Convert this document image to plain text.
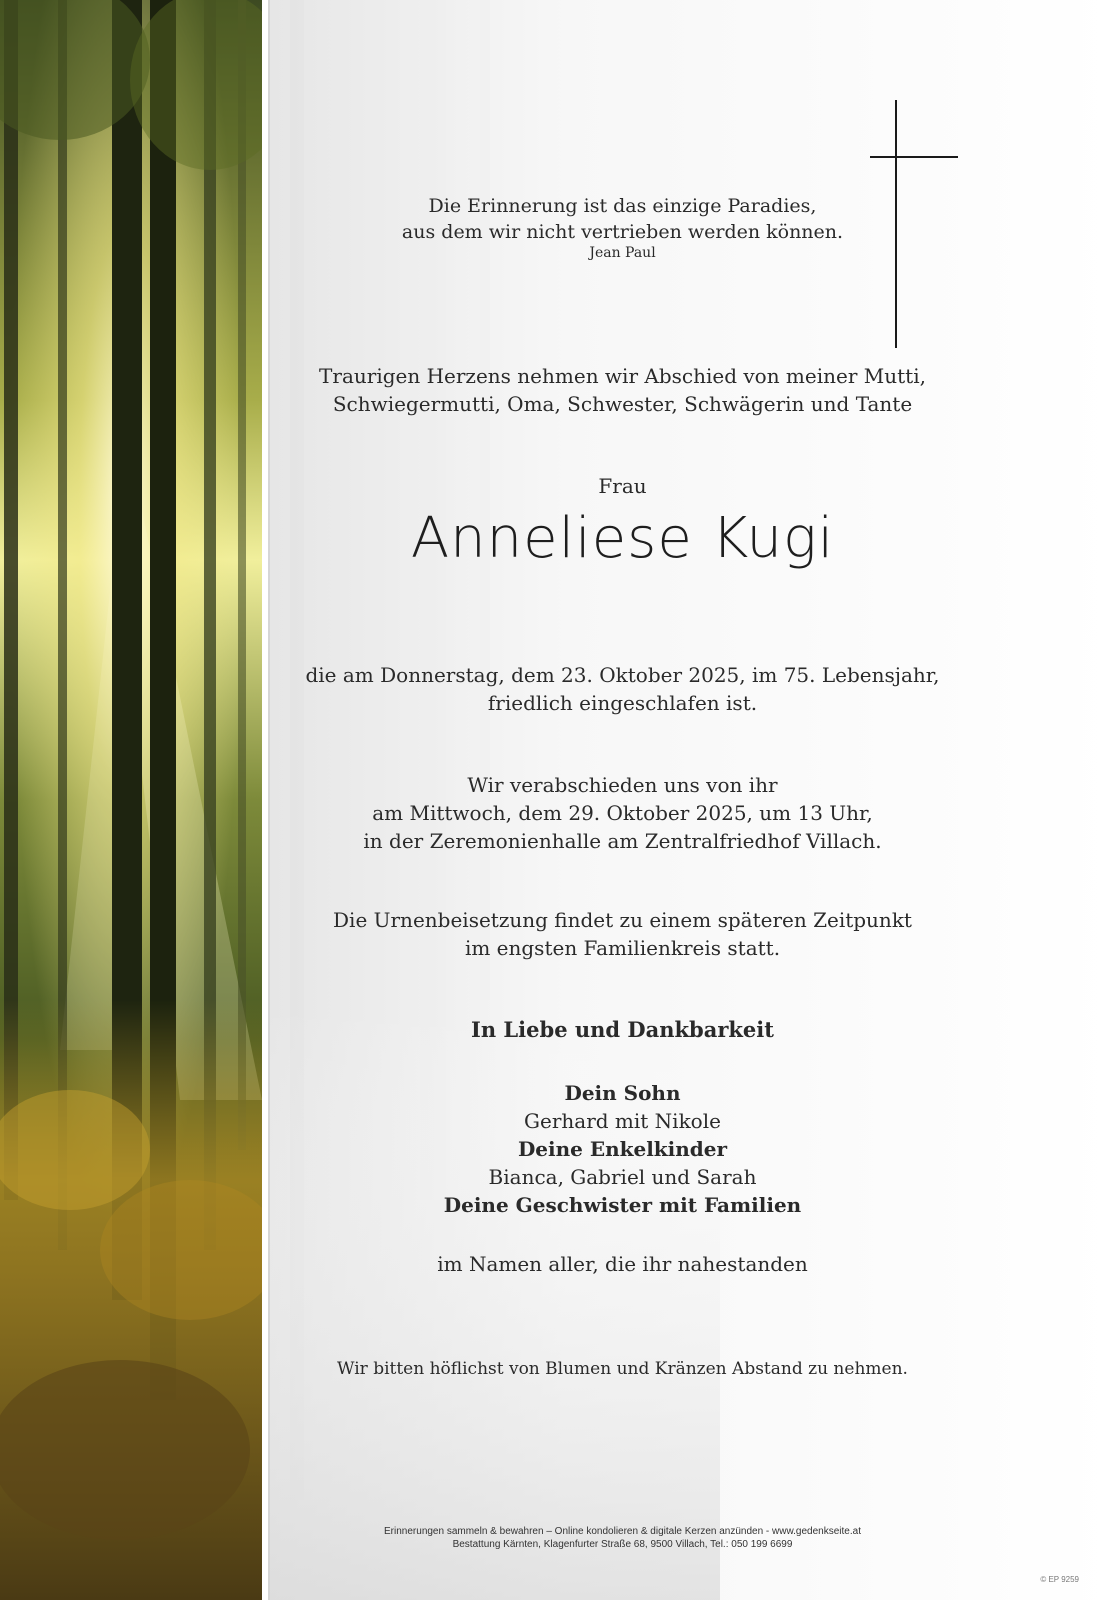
Die Erinnerung ist das einzige Paradies,
aus dem wir nicht vertrieben werden können.
Jean Paul
Traurigen Herzens nehmen wir Abschied von meiner Mutti,
Schwiegermutti, Oma, Schwester, Schwägerin und Tante
Frau
Anneliese Kugi
die am Donnerstag, dem 23. Oktober 2025, im 75. Lebensjahr,
friedlich eingeschlafen ist.
Wir verabschieden uns von ihr
am Mittwoch, dem 29. Oktober 2025, um 13 Uhr,
in der Zeremonienhalle am Zentralfriedhof Villach.
Die Urnenbeisetzung findet zu einem späteren Zeitpunkt
im engsten Familienkreis statt.
In Liebe und Dankbarkeit
Dein Sohn
Gerhard mit Nikole
Deine Enkelkinder
Bianca, Gabriel und Sarah
Deine Geschwister mit Familien
im Namen aller, die ihr nahestanden
Wir bitten höflichst von Blumen und Kränzen Abstand zu nehmen.
Erinnerungen sammeln & bewahren – Online kondolieren & digitale Kerzen anzünden - www.gedenkseite.at
Bestattung Kärnten, Klagenfurter Straße 68, 9500 Villach, Tel.: 050 199 6699
© EP 9259
